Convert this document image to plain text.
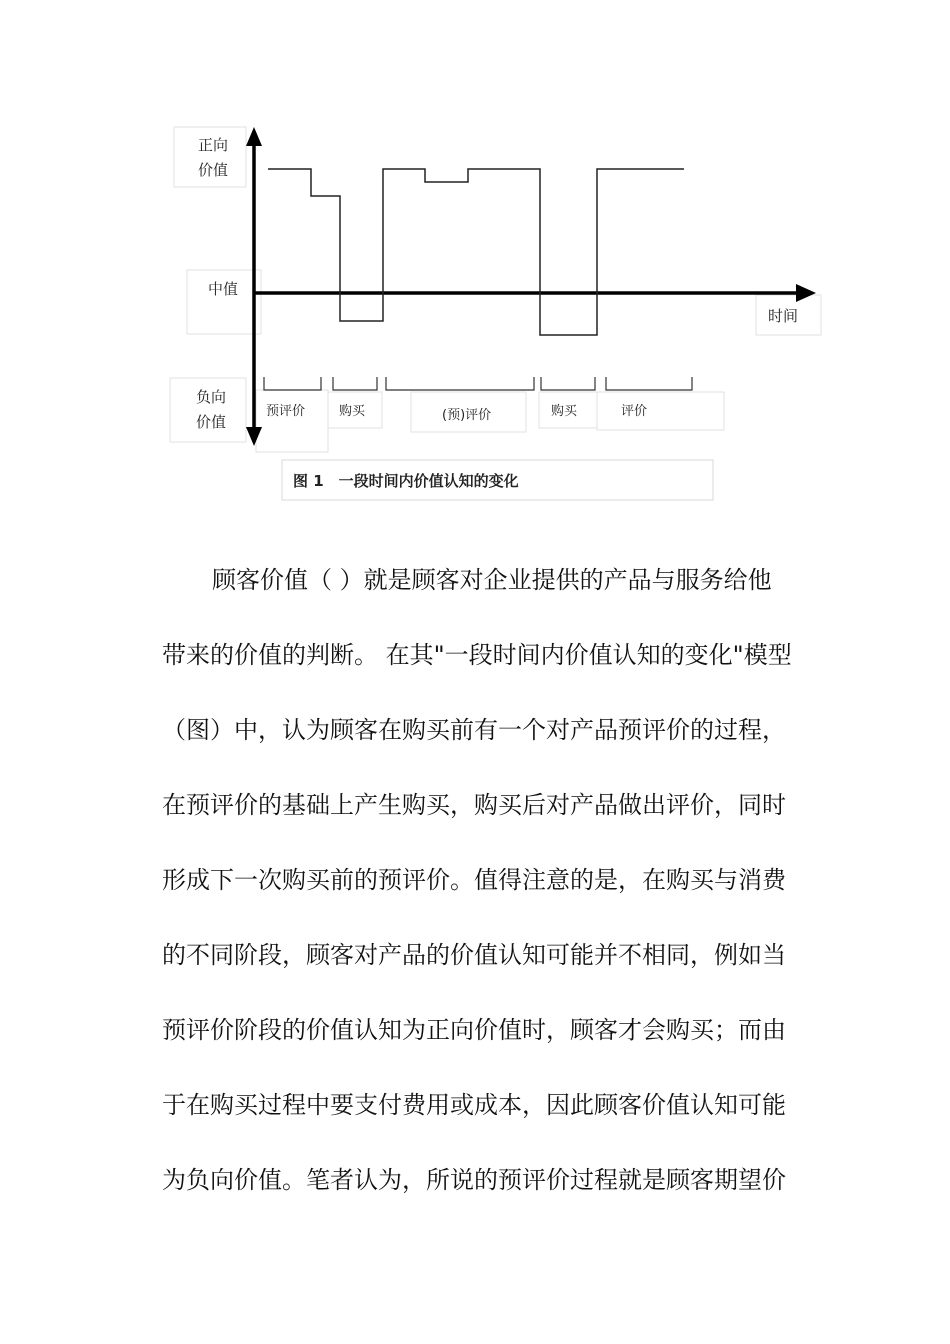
正向
价值
中值
负向
价值
时间
预评价	购买	(预)评价	购买	评价
图 1　一段时间内价值认知的变化

顾客价值（ ）就是顾客对企业提供的产品与服务给他
带来的价值的判断。 在其"一段时间内价值认知的变化"模型
（图）中，认为顾客在购买前有一个对产品预评价的过程，
在预评价的基础上产生购买，购买后对产品做出评价，同时
形成下一次购买前的预评价。值得注意的是，在购买与消费
的不同阶段，顾客对产品的价值认知可能并不相同，例如当
预评价阶段的价值认知为正向价值时，顾客才会购买；而由
于在购买过程中要支付费用或成本，因此顾客价值认知可能
为负向价值。笔者认为，所说的预评价过程就是顾客期望价
